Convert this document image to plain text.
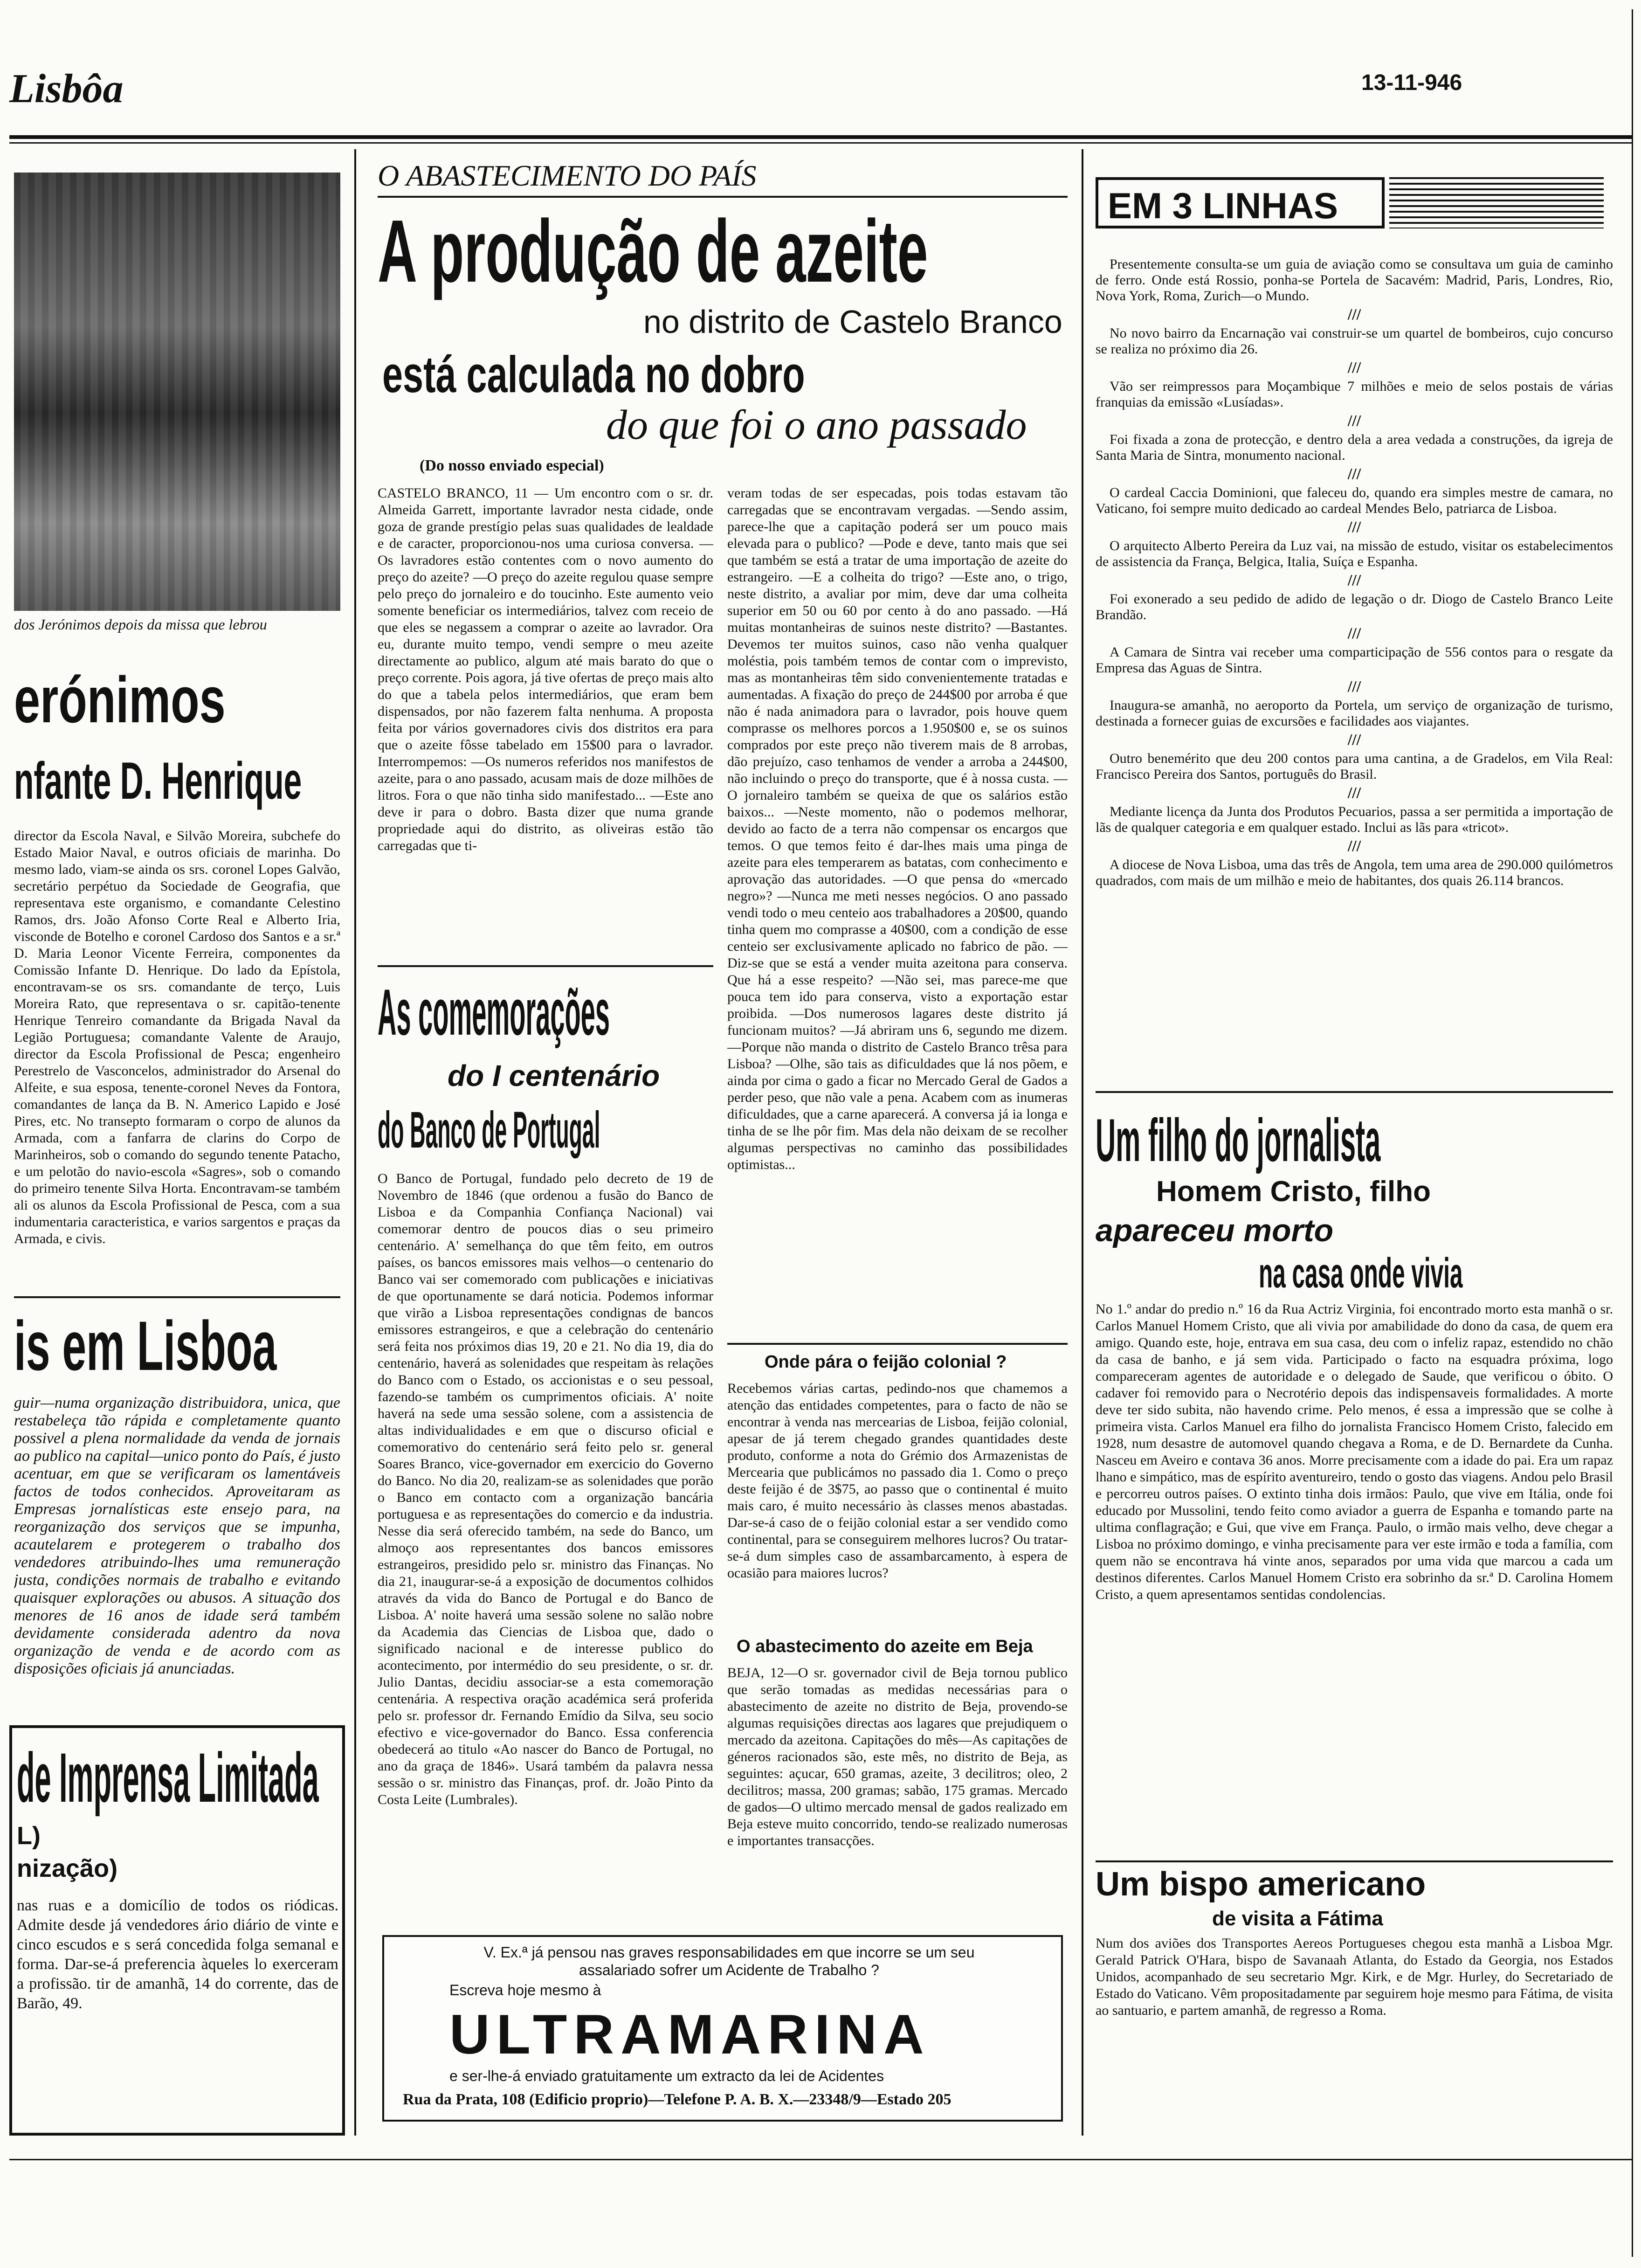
Lisbôa	13-11-946
dos Jerónimos depois da missa que lebrou
erónimos
nfante D. Henrique
director da Escola Naval, e Silvão Moreira, subchefe do Estado Maior Naval, e outros oficiais de marinha. Do mesmo lado, viam-se ainda os srs. coronel Lopes Galvão, secretário perpétuo da Sociedade de Geografia, que representava este organismo, e comandante Celestino Ramos, drs. João Afonso Corte Real e Alberto Iria, visconde de Botelho e coronel Cardoso dos Santos e a sr.ª D. Maria Leonor Vicente Ferreira, componentes da Comissão Infante D. Henrique. Do lado da Epístola, encontravam-se os srs. comandante de terço, Luis Moreira Rato, que representava o sr. capitão-tenente Henrique Tenreiro comandante da Brigada Naval da Legião Portuguesa; comandante Valente de Araujo, director da Escola Profissional de Pesca; engenheiro Perestrelo de Vasconcelos, administrador do Arsenal do Alfeite, e sua esposa, tenente-coronel Neves da Fontora, comandantes de lança da B. N. Americo Lapido e José Pires, etc. No transepto formaram o corpo de alunos da Armada, com a fanfarra de clarins do Corpo de Marinheiros, sob o comando do segundo tenente Patacho, e um pelotão do navio-escola «Sagres», sob o comando do primeiro tenente Silva Horta. Encontravam-se também ali os alunos da Escola Profissional de Pesca, com a sua indumentaria caracteristica, e varios sargentos e praças da Armada, e civis.
is em Lisboa
guir—numa organização distribuidora, unica, que restabeleça tão rápida e completamente quanto possivel a plena normalidade da venda de jornais ao publico na capital—unico ponto do País, é justo acentuar, em que se verificaram os lamentáveis factos de todos conhecidos. Aproveitaram as Empresas jornalísticas este ensejo para, na reorganização dos serviços que se impunha, acautelarem e protegerem o trabalho dos vendedores atribuindo-lhes uma remuneração justa, condições normais de trabalho e evitando quaisquer explorações ou abusos. A situação dos menores de 16 anos de idade será também devidamente considerada adentro da nova organização de venda e de acordo com as disposições oficiais já anunciadas.
de Imprensa Limitada
L)
nização)
nas ruas e a domicílio de todos os riódicas. Admite desde já vendedores ário diário de vinte e cinco escudos e s será concedida folga semanal e forma. Dar-se-á preferencia àqueles lo exerceram a profissão. tir de amanhã, 14 do corrente, das de Barão, 49.
O ABASTECIMENTO DO PAÍS
A produção de azeite
no distrito de Castelo Branco
está calculada no dobro
do que foi o ano passado
(Do nosso enviado especial)
CASTELO BRANCO, 11 — Um encontro com o sr. dr. Almeida Garrett, importante lavrador nesta cidade, onde goza de grande prestígio pelas suas qualidades de lealdade e de caracter, proporcionou-nos uma curiosa conversa. —Os lavradores estão contentes com o novo aumento do preço do azeite? —O preço do azeite regulou quase sempre pelo preço do jornaleiro e do toucinho. Este aumento veio somente beneficiar os intermediários, talvez com receio de que eles se negassem a comprar o azeite ao lavrador. Ora eu, durante muito tempo, vendi sempre o meu azeite directamente ao publico, algum até mais barato do que o preço corrente. Pois agora, já tive ofertas de preço mais alto do que a tabela pelos intermediários, que eram bem dispensados, por não fazerem falta nenhuma. A proposta feita por vários governadores civis dos distritos era para que o azeite fôsse tabelado em 15$00 para o lavrador. Interrompemos: —Os numeros referidos nos manifestos de azeite, para o ano passado, acusam mais de doze milhões de litros. Fora o que não tinha sido manifestado... —Este ano deve ir para o dobro. Basta dizer que numa grande propriedade aqui do distrito, as oliveiras estão tão carregadas que ti-
veram todas de ser especadas, pois todas estavam tão carregadas que se encontravam vergadas. —Sendo assim, parece-lhe que a capitação poderá ser um pouco mais elevada para o publico? —Pode e deve, tanto mais que sei que também se está a tratar de uma importação de azeite do estrangeiro. —E a colheita do trigo? —Este ano, o trigo, neste distrito, a avaliar por mim, deve dar uma colheita superior em 50 ou 60 por cento à do ano passado. —Há muitas montanheiras de suinos neste distrito? —Bastantes. Devemos ter muitos suinos, caso não venha qualquer moléstia, pois também temos de contar com o imprevisto, mas as montanheiras têm sido convenientemente tratadas e aumentadas. A fixação do preço de 244$00 por arroba é que não é nada animadora para o lavrador, pois houve quem comprasse os melhores porcos a 1.950$00 e, se os suinos comprados por este preço não tiverem mais de 8 arrobas, dão prejuízo, caso tenhamos de vender a arroba a 244$00, não incluindo o preço do transporte, que é à nossa custa. —O jornaleiro também se queixa de que os salários estão baixos... —Neste momento, não o podemos melhorar, devido ao facto de a terra não compensar os encargos que temos. O que temos feito é dar-lhes mais uma pinga de azeite para eles temperarem as batatas, com conhecimento e aprovação das autoridades. —O que pensa do «mercado negro»? —Nunca me meti nesses negócios. O ano passado vendi todo o meu centeio aos trabalhadores a 20$00, quando tinha quem mo comprasse a 40$00, com a condição de esse centeio ser exclusivamente aplicado no fabrico de pão. —Diz-se que se está a vender muita azeitona para conserva. Que há a esse respeito? —Não sei, mas parece-me que pouca tem ido para conserva, visto a exportação estar proibida. —Dos numerosos lagares deste distrito já funcionam muitos? —Já abriram uns 6, segundo me dizem. —Porque não manda o distrito de Castelo Branco trêsa para Lisboa? —Olhe, são tais as dificuldades que lá nos põem, e ainda por cima o gado a ficar no Mercado Geral de Gados a perder peso, que não vale a pena. Acabem com as inumeras dificuldades, que a carne aparecerá. A conversa já ia longa e tinha de se lhe pôr fim. Mas dela não deixam de se recolher algumas perspectivas no caminho das possibilidades optimistas...
As comemorações
do I centenário
do Banco de Portugal
O Banco de Portugal, fundado pelo decreto de 19 de Novembro de 1846 (que ordenou a fusão do Banco de Lisboa e da Companhia Confiança Nacional) vai comemorar dentro de poucos dias o seu primeiro centenário. A' semelhança do que têm feito, em outros países, os bancos emissores mais velhos—o centenario do Banco vai ser comemorado com publicações e iniciativas de que oportunamente se dará noticia. Podemos informar que virão a Lisboa representações condignas de bancos emissores estrangeiros, e que a celebração do centenário será feita nos próximos dias 19, 20 e 21. No dia 19, dia do centenário, haverá as solenidades que respeitam às relações do Banco com o Estado, os accionistas e o seu pessoal, fazendo-se também os cumprimentos oficiais. A' noite haverá na sede uma sessão solene, com a assistencia de altas individualidades e em que o discurso oficial e comemorativo do centenário será feito pelo sr. general Soares Branco, vice-governador em exercicio do Governo do Banco. No dia 20, realizam-se as solenidades que porão o Banco em contacto com a organização bancária portuguesa e as representações do comercio e da industria. Nesse dia será oferecido também, na sede do Banco, um almoço aos representantes dos bancos emissores estrangeiros, presidido pelo sr. ministro das Finanças. No dia 21, inaugurar-se-á a exposição de documentos colhidos através da vida do Banco de Portugal e do Banco de Lisboa. A' noite haverá uma sessão solene no salão nobre da Academia das Ciencias de Lisboa que, dado o significado nacional e de interesse publico do acontecimento, por intermédio do seu presidente, o sr. dr. Julio Dantas, decidiu associar-se a esta comemoração centenária. A respectiva oração académica será proferida pelo sr. professor dr. Fernando Emídio da Silva, seu socio efectivo e vice-governador do Banco. Essa conferencia obedecerá ao titulo «Ao nascer do Banco de Portugal, no ano da graça de 1846». Usará também da palavra nessa sessão o sr. ministro das Finanças, prof. dr. João Pinto da Costa Leite (Lumbrales).
Onde pára o feijão colonial ?
Recebemos várias cartas, pedindo-nos que chamemos a atenção das entidades competentes, para o facto de não se encontrar à venda nas mercearias de Lisboa, feijão colonial, apesar de já terem chegado grandes quantidades deste produto, conforme a nota do Grémio dos Armazenistas de Mercearia que publicámos no passado dia 1. Como o preço deste feijão é de 3$75, ao passo que o continental é muito mais caro, é muito necessário às classes menos abastadas. Dar-se-á caso de o feijão colonial estar a ser vendido como continental, para se conseguirem melhores lucros? Ou tratar-se-á dum simples caso de assambarcamento, à espera de ocasião para maiores lucros?
O abastecimento do azeite em Beja
BEJA, 12—O sr. governador civil de Beja tornou publico que serão tomadas as medidas necessárias para o abastecimento de azeite no distrito de Beja, provendo-se algumas requisições directas aos lagares que prejudiquem o mercado da azeitona. Capitações do mês—As capitações de géneros racionados são, este mês, no distrito de Beja, as seguintes: açucar, 650 gramas, azeite, 3 decilitros; oleo, 2 decilitros; massa, 200 gramas; sabão, 175 gramas. Mercado de gados—O ultimo mercado mensal de gados realizado em Beja esteve muito concorrido, tendo-se realizado numerosas e importantes transacções.
V. Ex.ª já pensou nas graves responsabilidades em que incorre se um seu assalariado sofrer um Acidente de Trabalho ?
Escreva hoje mesmo à
ULTRAMARINA
e ser-lhe-á enviado gratuitamente um extracto da lei de Acidentes
Rua da Prata, 108 (Edificio proprio)—Telefone P. A. B. X.—23348/9—Estado 205
EM 3 LINHAS
Presentemente consulta-se um guia de aviação como se consultava um guia de caminho de ferro. Onde está Rossio, ponha-se Portela de Sacavém: Madrid, Paris, Londres, Rio, Nova York, Roma, Zurich—o Mundo.
///
No novo bairro da Encarnação vai construir-se um quartel de bombeiros, cujo concurso se realiza no próximo dia 26.
///
Vão ser reimpressos para Moçambique 7 milhões e meio de selos postais de várias franquias da emissão «Lusíadas».
///
Foi fixada a zona de protecção, e dentro dela a area vedada a construções, da igreja de Santa Maria de Sintra, monumento nacional.
///
O cardeal Caccia Dominioni, que faleceu do, quando era simples mestre de camara, no Vaticano, foi sempre muito dedicado ao cardeal Mendes Belo, patriarca de Lisboa.
///
O arquitecto Alberto Pereira da Luz vai, na missão de estudo, visitar os estabelecimentos de assistencia da França, Belgica, Italia, Suíça e Espanha.
///
Foi exonerado a seu pedido de adido de legação o dr. Diogo de Castelo Branco Leite Brandão.
///
A Camara de Sintra vai receber uma comparticipação de 556 contos para o resgate da Empresa das Aguas de Sintra.
///
Inaugura-se amanhã, no aeroporto da Portela, um serviço de organização de turismo, destinada a fornecer guias de excursões e facilidades aos viajantes.
///
Outro benemérito que deu 200 contos para uma cantina, a de Gradelos, em Vila Real: Francisco Pereira dos Santos, português do Brasil.
///
Mediante licença da Junta dos Produtos Pecuarios, passa a ser permitida a importação de lãs de qualquer categoria e em qualquer estado. Inclui as lãs para «tricot».
///
A diocese de Nova Lisboa, uma das três de Angola, tem uma area de 290.000 quilómetros quadrados, com mais de um milhão e meio de habitantes, dos quais 26.114 brancos.
Um filho do jornalista
Homem Cristo, filho
apareceu morto
na casa onde vivia
No 1.º andar do predio n.º 16 da Rua Actriz Virginia, foi encontrado morto esta manhã o sr. Carlos Manuel Homem Cristo, que ali vivia por amabilidade do dono da casa, de quem era amigo. Quando este, hoje, entrava em sua casa, deu com o infeliz rapaz, estendido no chão da casa de banho, e já sem vida. Participado o facto na esquadra próxima, logo compareceram agentes de autoridade e o delegado de Saude, que verificou o óbito. O cadaver foi removido para o Necrotério depois das indispensaveis formalidades. A morte deve ter sido subita, não havendo crime. Pelo menos, é essa a impressão que se colhe à primeira vista. Carlos Manuel era filho do jornalista Francisco Homem Cristo, falecido em 1928, num desastre de automovel quando chegava a Roma, e de D. Bernardete da Cunha. Nasceu em Aveiro e contava 36 anos. Morre precisamente com a idade do pai. Era um rapaz lhano e simpático, mas de espírito aventureiro, tendo o gosto das viagens. Andou pelo Brasil e percorreu outros países. O extinto tinha dois irmãos: Paulo, que vive em Itália, onde foi educado por Mussolini, tendo feito como aviador a guerra de Espanha e tomando parte na ultima conflagração; e Gui, que vive em França. Paulo, o irmão mais velho, deve chegar a Lisboa no próximo domingo, e vinha precisamente para ver este irmão e toda a família, com quem não se encontrava há vinte anos, separados por uma vida que marcou a cada um destinos diferentes. Carlos Manuel Homem Cristo era sobrinho da sr.ª D. Carolina Homem Cristo, a quem apresentamos sentidas condolencias.
Um bispo americano
de visita a Fátima
Num dos aviões dos Transportes Aereos Portugueses chegou esta manhã a Lisboa Mgr. Gerald Patrick O'Hara, bispo de Savanaah Atlanta, do Estado da Georgia, nos Estados Unidos, acompanhado de seu secretario Mgr. Kirk, e de Mgr. Hurley, do Secretariado de Estado do Vaticano. Vêm propositadamente par seguirem hoje mesmo para Fátima, de visita ao santuario, e partem amanhã, de regresso a Roma.
